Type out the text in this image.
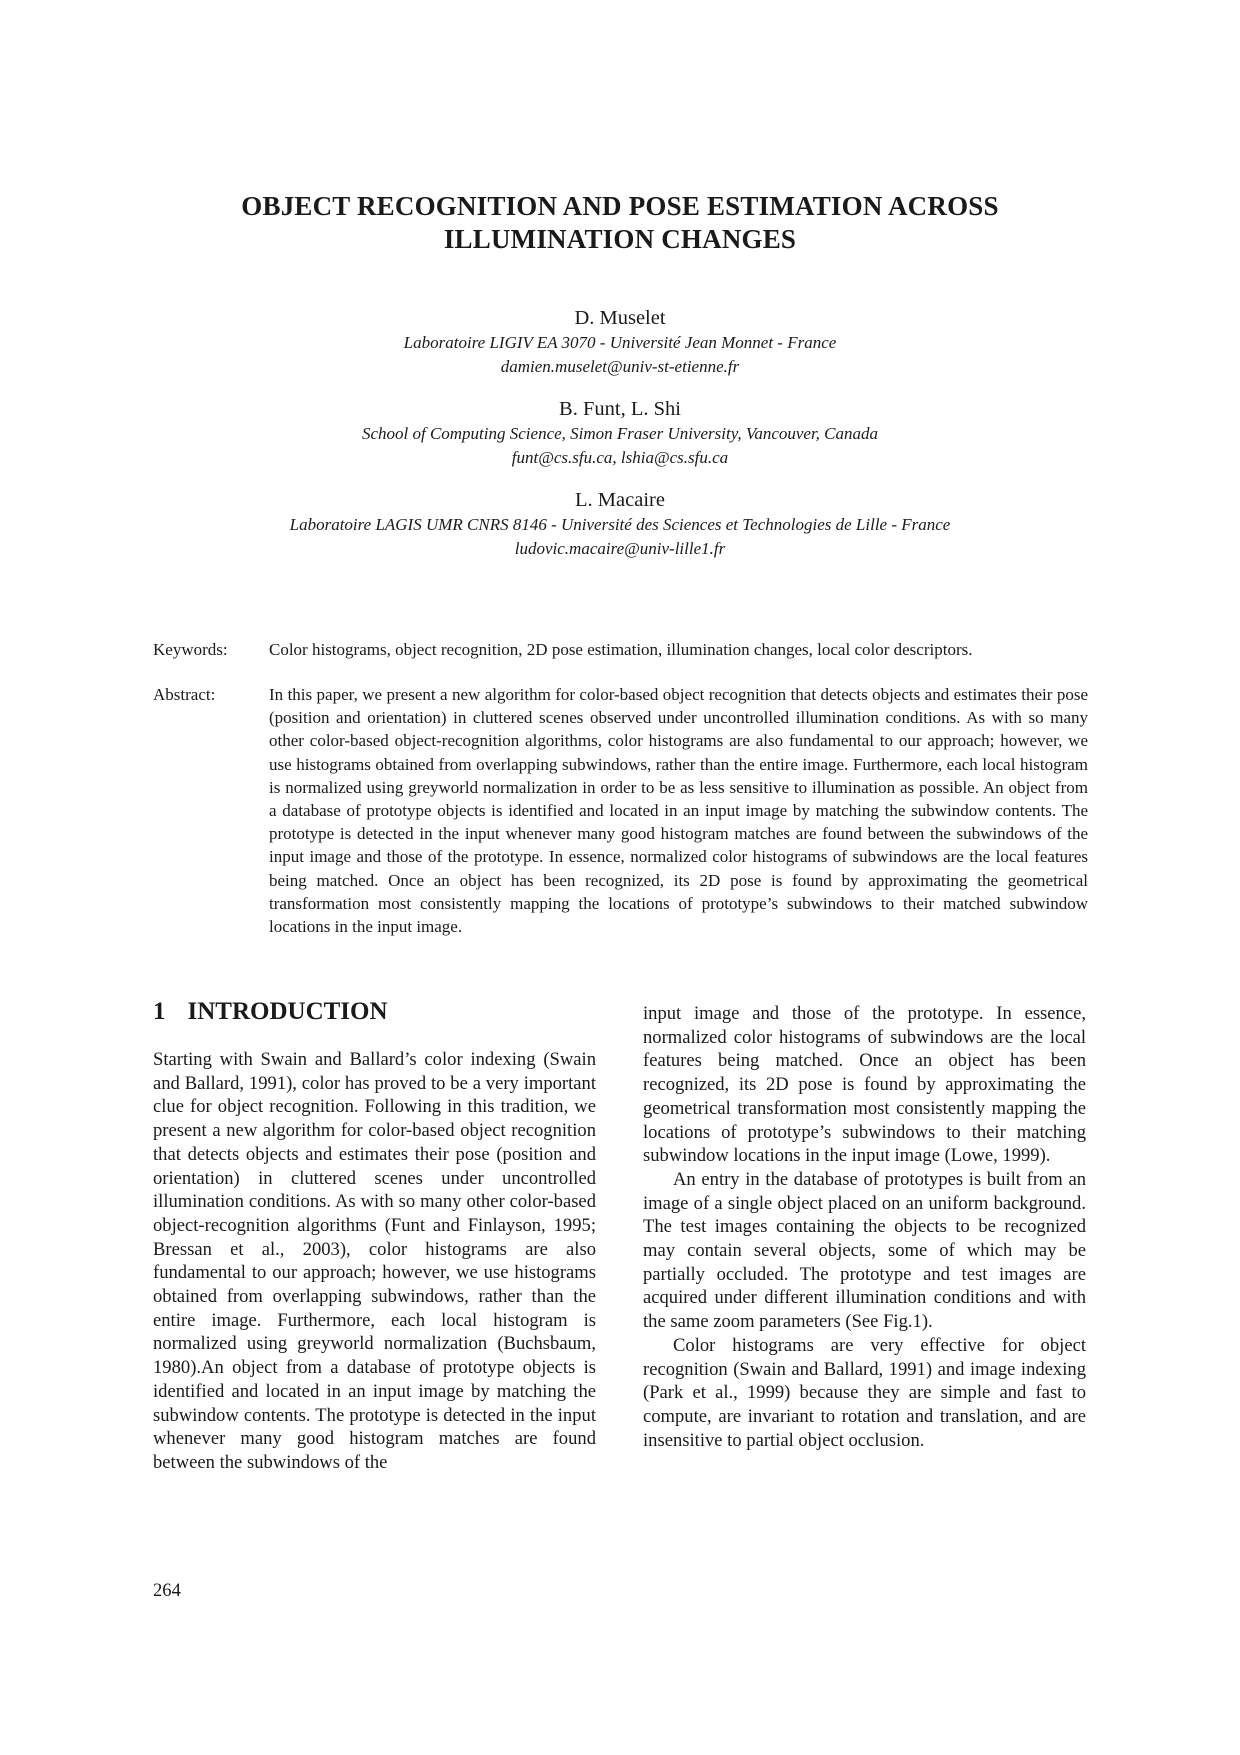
OBJECT RECOGNITION AND POSE ESTIMATION ACROSS
ILLUMINATION CHANGES
D. Muselet
Laboratoire LIGIV EA 3070 - Université Jean Monnet - France
damien.muselet@univ-st-etienne.fr
B. Funt, L. Shi
School of Computing Science, Simon Fraser University, Vancouver, Canada
funt@cs.sfu.ca, lshia@cs.sfu.ca
L. Macaire
Laboratoire LAGIS UMR CNRS 8146 - Université des Sciences et Technologies de Lille - France
ludovic.macaire@univ-lille1.fr
Keywords: Color histograms, object recognition, 2D pose estimation, illumination changes, local color descriptors.
Abstract:	In this paper, we present a new algorithm for color-based object recognition that detects objects and estimates their pose (position and orientation) in cluttered scenes observed under uncontrolled illumination conditions. As with so many other color-based object-recognition algorithms, color histograms are also fundamental to our approach; however, we use histograms obtained from overlapping subwindows, rather than the entire image. Furthermore, each local histogram is normalized using greyworld normalization in order to be as less sensitive to illumination as possible. An object from a database of prototype objects is identified and located in an input image by matching the subwindow contents. The prototype is detected in the input whenever many good histogram matches are found between the subwindows of the input image and those of the prototype. In essence, normalized color histograms of subwindows are the local features being matched. Once an object has been recognized, its 2D pose is found by approximating the geometrical transformation most consistently mapping the locations of prototype’s subwindows to their matched subwindow locations in the input image.
1 INTRODUCTION

Starting with Swain and Ballard’s color indexing (Swain and Ballard, 1991), color has proved to be a very important clue for object recognition. Following in this tradition, we present a new algorithm for color-based object recognition that detects objects and estimates their pose (position and orientation) in cluttered scenes under uncontrolled illumination conditions. As with so many other color-based object-recognition algorithms (Funt and Finlayson, 1995; Bressan et al., 2003), color histograms are also fundamental to our approach; however, we use histograms obtained from overlapping subwindows, rather than the entire image. Furthermore, each local histogram is normalized using greyworld normalization (Buchsbaum, 1980).An object from a database of prototype objects is identified and located in an input image by matching the subwindow contents. The prototype is detected in the input whenever many good histogram matches are found between the subwindows of the

input image and those of the prototype. In essence, normalized color histograms of subwindows are the local features being matched. Once an object has been recognized, its 2D pose is found by approximating the geometrical transformation most consistently mapping the locations of prototype’s subwindows to their matching subwindow locations in the input image (Lowe, 1999).

An entry in the database of prototypes is built from an image of a single object placed on an uniform background. The test images containing the objects to be recognized may contain several objects, some of which may be partially occluded. The prototype and test images are acquired under different illumination conditions and with the same zoom parameters (See Fig.1).

Color histograms are very effective for object recognition (Swain and Ballard, 1991) and image indexing (Park et al., 1999) because they are simple and fast to compute, are invariant to rotation and translation, and are insensitive to partial object occlusion.

264
